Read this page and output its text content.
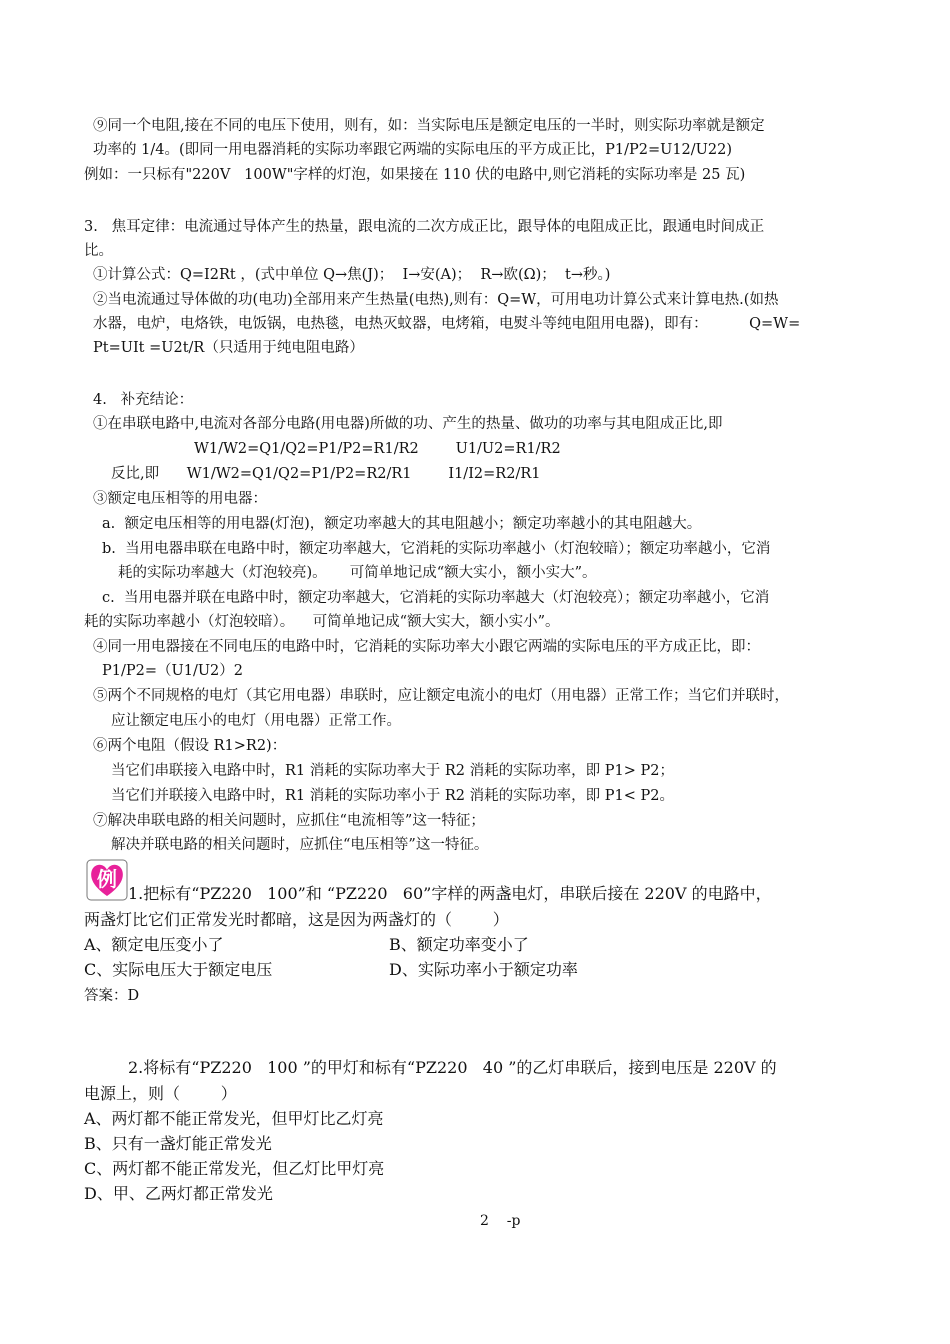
⑨同一个电阻,接在不同的电压下使用，则有，如：当实际电压是额定电压的一半时，则实际功率就是额定
功率的 1/4。(即同一用电器消耗的实际功率跟它两端的实际电压的平方成正比，P1/P2=U12/U22)
例如：一只标有"220V   100W"字样的灯泡，如果接在 110 伏的电路中,则它消耗的实际功率是 25 瓦)
3.   焦耳定律：电流通过导体产生的热量，跟电流的二次方成正比，跟导体的电阻成正比，跟通电时间成正
比。
①计算公式：Q=I2Rt ，(式中单位 Q→焦(J)；  I→安(A)；  R→欧(Ω)；  t→秒。)
②当电流通过导体做的功(电功)全部用来产生热量(电热),则有：Q=W，可用电功计算公式来计算电热.(如热
水器，电炉，电烙铁，电饭锅，电热毯，电热灭蚊器，电烤箱，电熨斗等纯电阻用电器)，即有：         Q=W=
Pt=UIt =U2t/R（只适用于纯电阻电路）
4.   补充结论：
①在串联电路中,电流对各部分电路(用电器)所做的功、产生的热量、做功的功率与其电阻成正比,即
W1/W2=Q1/Q2=P1/P2=R1/R2        U1/U2=R1/R2
反比,即      W1/W2=Q1/Q2=P1/P2=R2/R1        I1/I2=R2/R1
③额定电压相等的用电器：
a.  额定电压相等的用电器(灯泡)，额定功率越大的其电阻越小；额定功率越小的其电阻越大。
b.  当用电器串联在电路中时，额定功率越大，它消耗的实际功率越小（灯泡较暗）；额定功率越小，它消
耗的实际功率越大（灯泡较亮)。     可简单地记成“额大实小，额小实大”。
c.  当用电器并联在电路中时，额定功率越大，它消耗的实际功率越大（灯泡较亮）；额定功率越小，它消
耗的实际功率越小（灯泡较暗）。    可简单地记成“额大实大，额小实小”。
④同一用电器接在不同电压的电路中时，它消耗的实际功率大小跟它两端的实际电压的平方成正比，即：
P1/P2=（U1/U2）2
⑤两个不同规格的电灯（其它用电器）串联时，应让额定电流小的电灯（用电器）正常工作；当它们并联时，
应让额定电压小的电灯（用电器）正常工作。
⑥两个电阻（假设 R1>R2)：
当它们串联接入电路中时，R1 消耗的实际功率大于 R2 消耗的实际功率，即 P1> P2；
当它们并联接入电路中时，R1 消耗的实际功率小于 R2 消耗的实际功率，即 P1< P2。
⑦解决串联电路的相关问题时，应抓住“电流相等”这一特征；
解决并联电路的相关问题时，应抓住“电压相等”这一特征。
例
1.把标有“PZ220   100”和 “PZ220   60”字样的两盏电灯，串联后接在 220V 的电路中，
两盏灯比它们正常发光时都暗，这是因为两盏灯的（        ）
A、额定电压变小了	B、额定功率变小了
C、实际电压大于额定电压	D、实际功率小于额定功率
答案：D
2.将标有“PZ220   100 ”的甲灯和标有“PZ220   40 ”的乙灯串联后，接到电压是 220V 的
电源上，则（        ）
A、两灯都不能正常发光，但甲灯比乙灯亮
B、只有一盏灯能正常发光
C、两灯都不能正常发光，但乙灯比甲灯亮
D、甲、乙两灯都正常发光
2    -p
